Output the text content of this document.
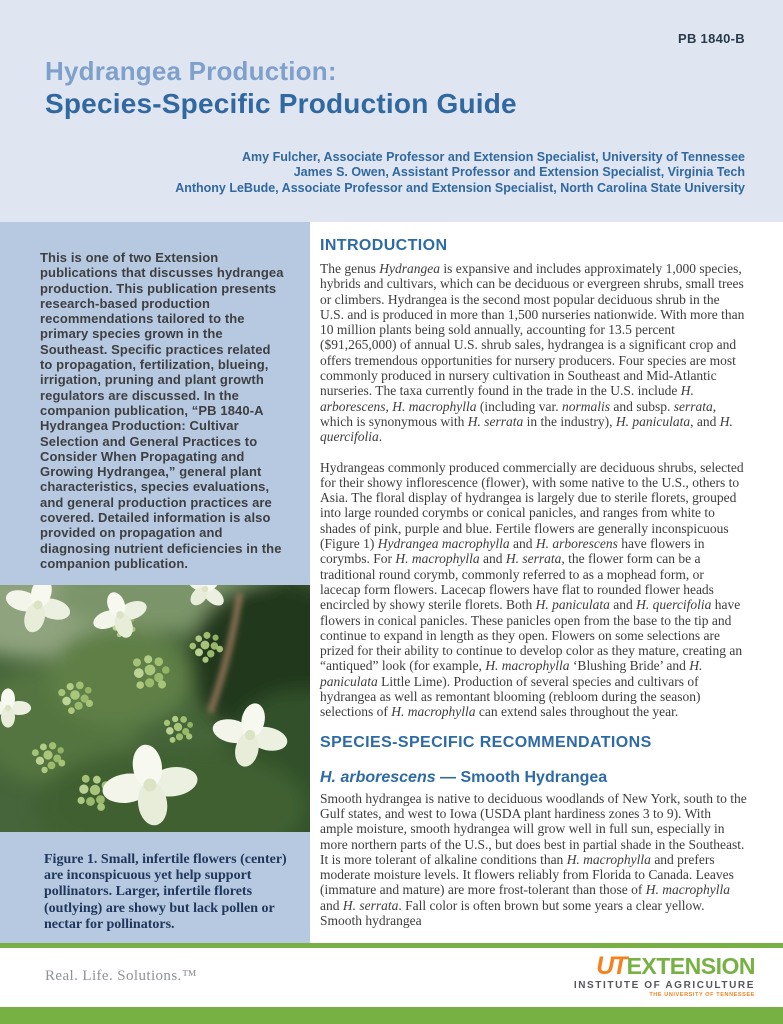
PB 1840-B
Hydrangea Production:
Species-Specific Production Guide
Amy Fulcher, Associate Professor and Extension Specialist, University of Tennessee
James S. Owen, Assistant Professor and Extension Specialist, Virginia Tech
Anthony LeBude, Associate Professor and Extension Specialist, North Carolina State University

This is one of two Extension publications that discusses hydrangea production. This publication presents research-based production recommendations tailored to the primary species grown in the Southeast. Specific practices related to propagation, fertilization, blueing, irrigation, pruning and plant growth regulators are discussed. In the companion publication, “PB 1840-A Hydrangea Production: Cultivar Selection and General Practices to Consider When Propagating and Growing Hydrangea,” general plant characteristics, species evaluations, and general production practices are covered. Detailed information is also provided on propagation and diagnosing nutrient deficiencies in the companion publication.

Figure 1. Small, infertile flowers (center) are inconspicuous yet help support pollinators. Larger, infertile florets (outlying) are showy but lack pollen or nectar for pollinators.

INTRODUCTION

The genus Hydrangea is expansive and includes approximately 1,000 species, hybrids and cultivars, which can be deciduous or evergreen shrubs, small trees or climbers. Hydrangea is the second most popular deciduous shrub in the U.S. and is produced in more than 1,500 nurseries nationwide. With more than 10 million plants being sold annually, accounting for 13.5 percent ($91,265,000) of annual U.S. shrub sales, hydrangea is a significant crop and offers tremendous opportunities for nursery producers. Four species are most commonly produced in nursery cultivation in Southeast and Mid-Atlantic nurseries. The taxa currently found in the trade in the U.S. include H. arborescens, H. macrophylla (including var. normalis and subsp. serrata, which is synonymous with H. serrata in the industry), H. paniculata, and H. quercifolia.

Hydrangeas commonly produced commercially are deciduous shrubs, selected for their showy inflorescence (flower), with some native to the U.S., others to Asia. The floral display of hydrangea is largely due to sterile florets, grouped into large rounded corymbs or conical panicles, and ranges from white to shades of pink, purple and blue. Fertile flowers are generally inconspicuous (Figure 1) Hydrangea macrophylla and H. arborescens have flowers in corymbs. For H. macrophylla and H. serrata, the flower form can be a traditional round corymb, commonly referred to as a mophead form, or lacecap form flowers. Lacecap flowers have flat to rounded flower heads encircled by showy sterile florets. Both H. paniculata and H. quercifolia have flowers in conical panicles. These panicles open from the base to the tip and continue to expand in length as they open. Flowers on some selections are prized for their ability to continue to develop color as they mature, creating an “antiqued” look (for example, H. macrophylla ‘Blushing Bride’ and H. paniculata Little Lime). Production of several species and cultivars of hydrangea as well as remontant blooming (rebloom during the season) selections of H. macrophylla can extend sales throughout the year.

SPECIES-SPECIFIC RECOMMENDATIONS
H. arborescens — Smooth Hydrangea

Smooth hydrangea is native to deciduous woodlands of New York, south to the Gulf states, and west to Iowa (USDA plant hardiness zones 3 to 9). With ample moisture, smooth hydrangea will grow well in full sun, especially in more northern parts of the U.S., but does best in partial shade in the Southeast. It is more tolerant of alkaline conditions than H. macrophylla and prefers moderate moisture levels. It flowers reliably from Florida to Canada. Leaves (immature and mature) are more frost-tolerant than those of H. macrophylla and H. serrata. Fall color is often brown but some years a clear yellow. Smooth hydrangea

Real. Life. Solutions.™	UTEXTENSION
INSTITUTE OF AGRICULTURE
THE UNIVERSITY OF TENNESSEE
